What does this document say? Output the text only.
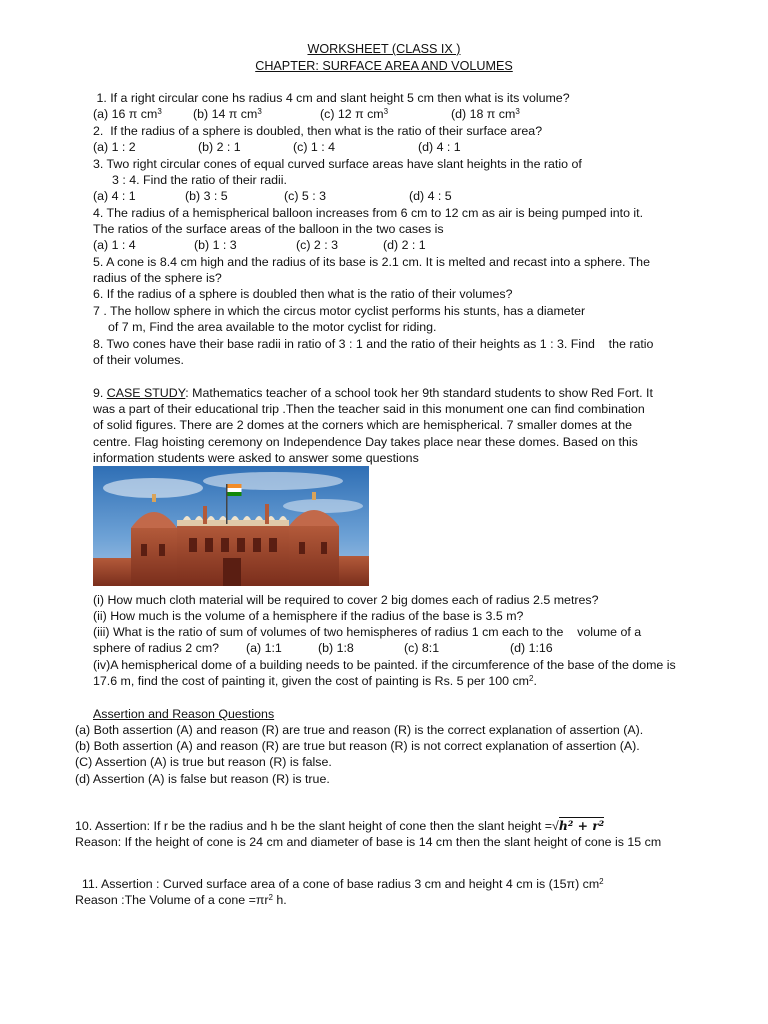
WORKSHEET (CLASS IX )
CHAPTER: SURFACE AREA AND VOLUMES
1. If a right circular cone hs radius 4 cm and slant height 5 cm then what is its volume?
(a) 16 π $cm^3$	(b) 14 π $cm^3$	(c) 12 π $cm^3$	(d) 18 π $cm^3$
2.  If the radius of a sphere is doubled, then what is the ratio of their surface area?
(a) 1 : 2	(b) 2 : 1	(c) 1 : 4	(d) 4 : 1
3. Two right circular cones of equal curved surface areas have slant heights in the ratio of
3 : 4. Find the ratio of their radii.
(a) 4 : 1	(b) 3 : 5	(c) 5 : 3	(d) 4 : 5
4. The radius of a hemispherical balloon increases from 6 cm to 12 cm as air is being pumped into it.
The ratios of the surface areas of the balloon in the two cases is
(a) 1 : 4	(b) 1 : 3	(c) 2 : 3	(d) 2 : 1
5. A cone is 8.4 cm high and the radius of its base is 2.1 cm. It is melted and recast into a sphere. The
radius of the sphere is?
6. If the radius of a sphere is doubled then what is the ratio of their volumes?
7 . The hollow sphere in which the circus motor cyclist performs his stunts, has a diameter
of 7 m, Find the area available to the motor cyclist for riding.
8. Two cones have their base radii in ratio of 3 : 1 and the ratio of their heights as 1 : 3. Find    the ratio
of their volumes.
9. CASE STUDY: Mathematics teacher of a school took her 9th standard students to show Red Fort. It
was a part of their educational trip .Then the teacher said in this monument one can find combination
of solid figures. There are 2 domes at the corners which are hemispherical. 7 smaller domes at the
centre. Flag hoisting ceremony on Independence Day takes place near these domes. Based on this
information students were asked to answer some questions
(i) How much cloth material will be required to cover 2 big domes each of radius 2.5 metres?
(ii) How much is the volume of a hemisphere if the radius of the base is 3.5 m?
(iii) What is the ratio of sum of volumes of two hemispheres of radius 1 cm each to the    volume of a
sphere of radius 2 cm? (a) 1:1	(b) 1:8	(c) 8:1	(d) 1:16
(iv)A hemispherical dome of a building needs to be painted. if the circumference of the base of the dome is
17.6 m, find the cost of painting it, given the cost of painting is Rs. 5 per 100 $cm^2$.
Assertion and Reason Questions
(a) Both assertion (A) and reason (R) are true and reason (R) is the correct explanation of assertion (A).
(b) Both assertion (A) and reason (R) are true but reason (R) is not correct explanation of assertion (A).
(C) Assertion (A) is true but reason (R) is false.
(d) Assertion (A) is false but reason (R) is true.
10. Assertion: If r be the radius and h be the slant height of cone then the slant height =√h² + r²
Reason: If the height of cone is 24 cm and diameter of base is 14 cm then the slant height of cone is 15 cm
11. Assertion : Curved surface area of a cone of base radius 3 cm and height 4 cm is (15π) $cm^2$
Reason :The Volume of a cone $=\pi r^2$ h.
